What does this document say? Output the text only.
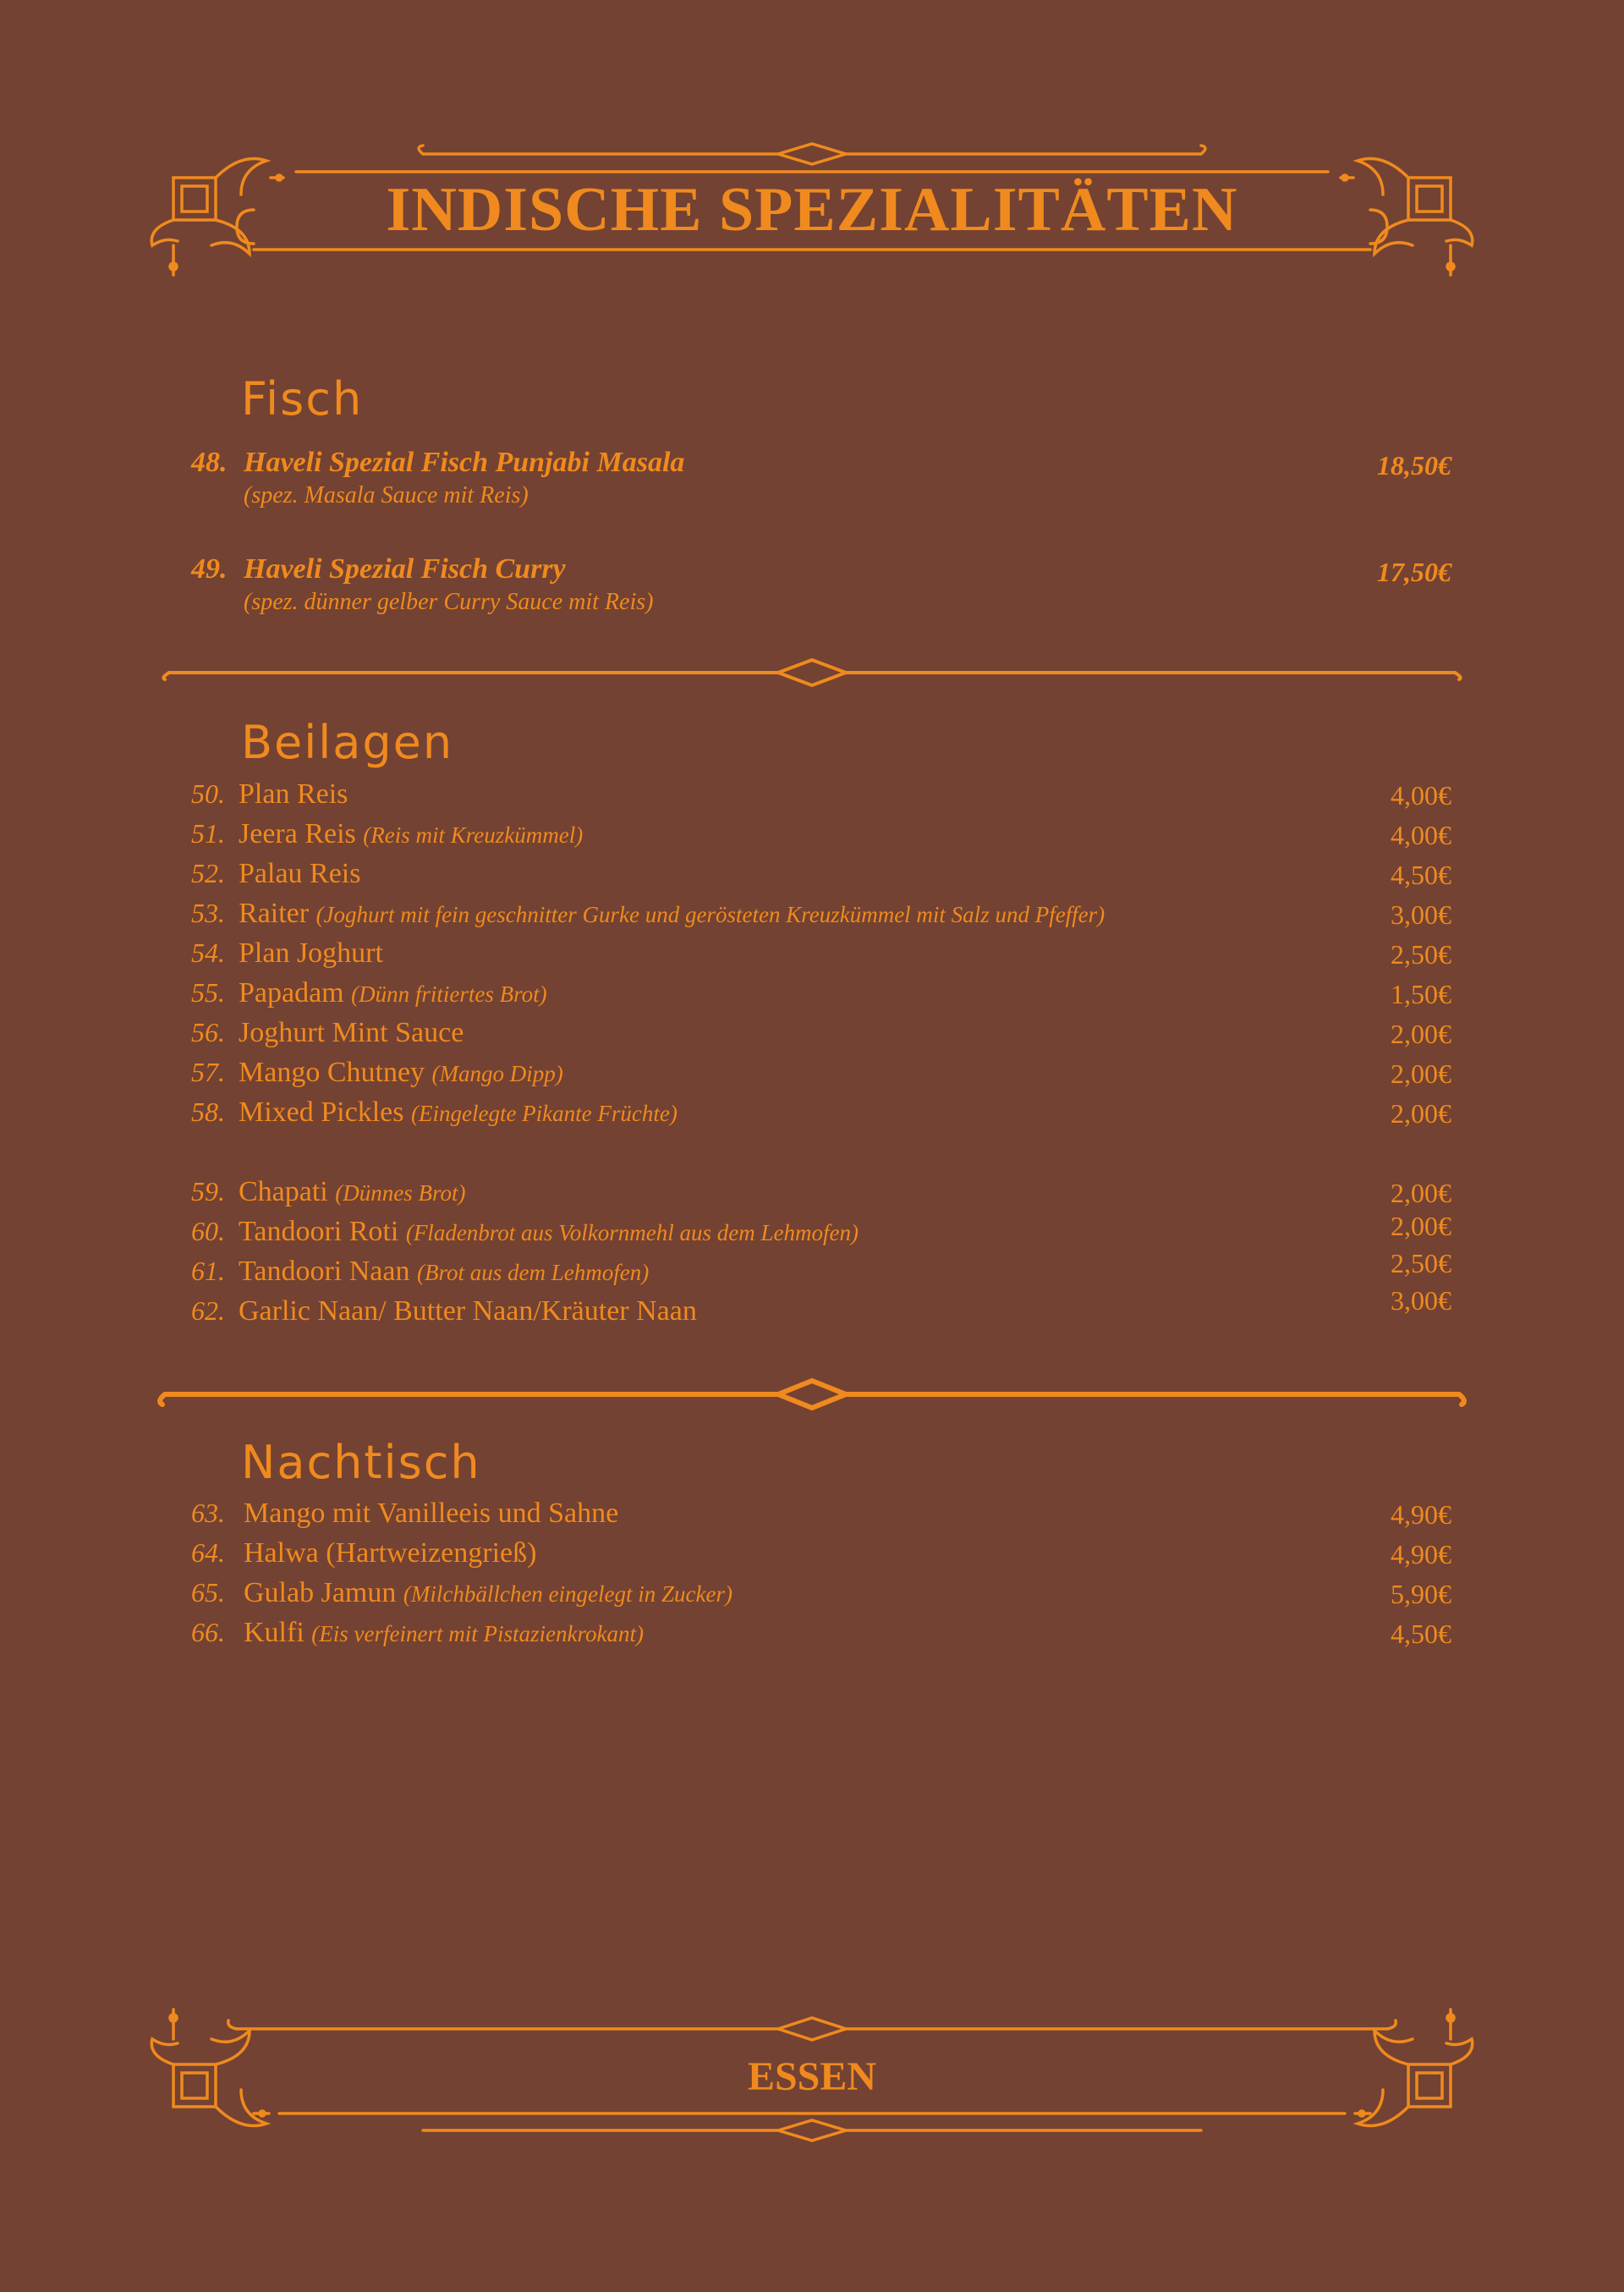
INDISCHE SPEZIALITÄTEN
Fisch
48. Haveli Spezial Fisch Punjabi Masala
(spez. Masala Sauce mit Reis)
18,50€
49. Haveli Spezial Fisch Curry
(spez. dünner gelber Curry Sauce mit Reis)
17,50€
Beilagen
50. Plan Reis	4,00€
51. Jeera Reis (Reis mit Kreuzkümmel)	4,00€
52. Palau Reis	4,50€
53. Raiter (Joghurt mit fein geschnitter Gurke und gerösteten Kreuzkümmel mit Salz und Pfeffer)	3,00€
54. Plan Joghurt	2,50€
55. Papadam (Dünn fritiertes Brot)	1,50€
56. Joghurt Mint Sauce	2,00€
57. Mango Chutney (Mango Dipp)	2,00€
58. Mixed Pickles (Eingelegte Pikante Früchte)	2,00€
59. Chapati (Dünnes Brot)	2,00€
60. Tandoori Roti (Fladenbrot aus Volkornmehl aus dem Lehmofen)	2,00€
61. Tandoori Naan (Brot aus dem Lehmofen)	2,50€
62. Garlic Naan/ Butter Naan/Kräuter Naan	3,00€
Nachtisch
63. Mango mit Vanilleeis und Sahne	4,90€
64. Halwa (Hartweizengrieß)	4,90€
65. Gulab Jamun (Milchbällchen eingelegt in Zucker)	5,90€
66. Kulfi (Eis verfeinert mit Pistazienkrokant)	4,50€
ESSEN
